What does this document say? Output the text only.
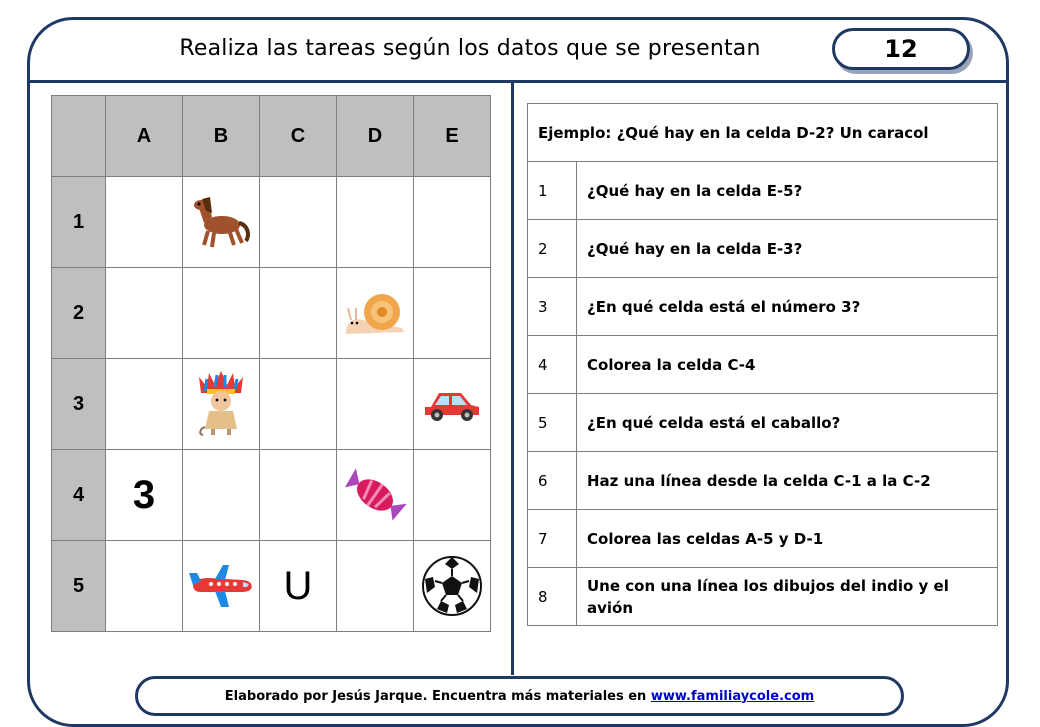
Realiza las tareas según los datos que se presentan	12
	A	B	C	D	E
1		

2				

3		

4	3			

5			U		
Ejemplo: ¿Qué hay en la celda D-2? Un caracol	
1	¿Qué hay en la celda E-5?
2	¿Qué hay en la celda E-3?
3	¿En qué celda está el número 3?
4	Colorea la celda C-4
5	¿En qué celda está el caballo?
6	Haz una línea desde la celda C-1 a la C-2
7	Colorea las celdas A-5 y D-1
8	Une con una línea los dibujos del indio y el avión
Elaborado por Jesús Jarque. Encuentra más materiales en
www.familiaycole.com
